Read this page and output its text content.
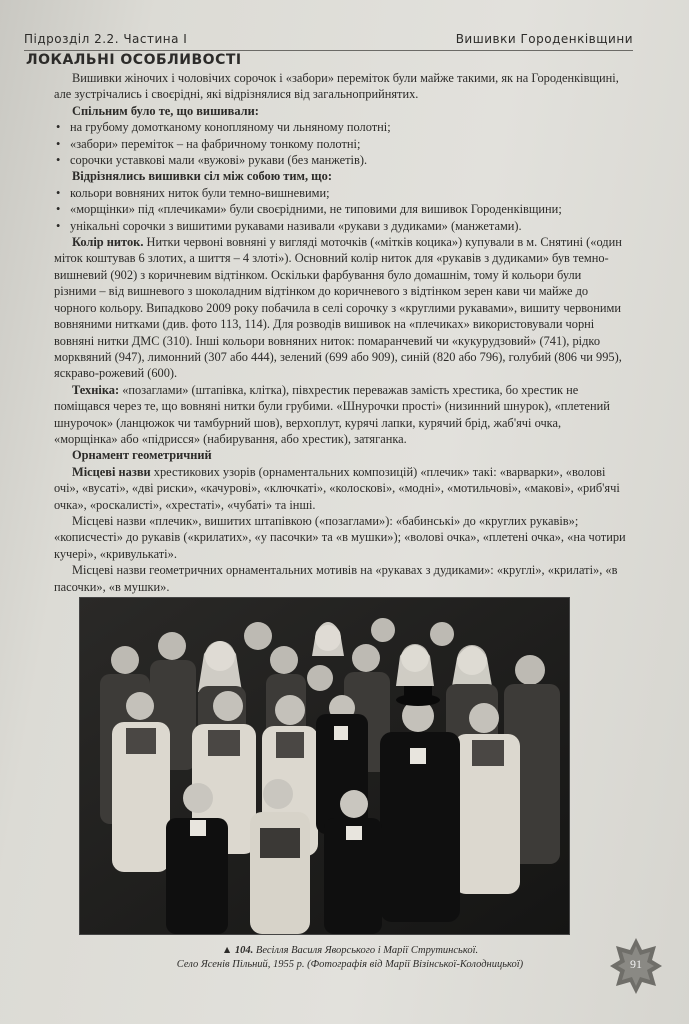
Підрозділ 2.2. Частина І	Вишивки Городенківщини
ЛОКАЛЬНІ ОСОБЛИВОСТІ

Вишивки жіночих і чоловічих сорочок і «забори» переміток були майже такими, як на Городенківщині, але зустрічались і своєрідні, які відрізнялися від загальноприйнятих.

Спільним було те, що вишивали:

• на грубому домотканому конопляному чи льняному полотні;
• «забори» переміток – на фабричному тонкому полотні;
• сорочки уставкові мали «вужові» рукави (без манжетів).

Відрізнялись вишивки сіл між собою тим, що:

• кольори вовняних ниток були темно-вишневими;
• «морщінки» під «плечиками» були своєрідними, не типовими для вишивок Городенківщини;
• унікальні сорочки з вишитими рукавами називали «рукави з дудиками» (манжетами).

Колір ниток. Нитки червоні вовняні у вигляді моточків («мітків коцика») купували в м. Снятині («один міток коштував 6 злотих, а шиття – 4 злоті»). Основний колір ниток для «рукавів з дудиками» був темно-вишневий (902) з коричневим відтінком. Оскільки фарбування було домашнім, тому й кольори були різними – від вишневого з шоколадним відтінком до коричневого з відтінком зерен кави чи майже до чорного кольору. Випадково 2009 року побачила в селі сорочку з «круглими рукавами», вишиту червоними вовняними нитками (див. фото 113, 114). Для розводів вишивок на «плечиках» використовували чорні вовняні нитки ДМС (310). Інші кольори вовняних ниток: помаранчевий чи «кукурудзовий» (741), рідко морквяний (947), лимонний (307 або 444), зелений (699 або 909), синій (820 або 796), голубий (806 чи 995), яскраво-рожевий (600).

Техніка: «позаглами» (штапівка, клітка), півхрестик переважав замість хрестика, бо хрестик не поміщався через те, що вовняні нитки були грубими. «Шнурочки прості» (низинний шнурок), «плетений шнурочок» (ланцюжок чи тамбурний шов), верхоплут, курячі лапки, курячий брід, жаб'ячі очка, «морщінка» або «підрисся» (набирування, або хрестик), затяганка.

Орнамент геометричний

Місцеві назви хрестикових узорів (орнаментальних композицій) «плечик» такі: «варварки», «волові очі», «вусаті», «дві риски», «качурові», «ключкаті», «колоскові», «модні», «мотильчові», «макові», «риб'ячі очка», «роскалисті», «хрестаті», «чубаті» та інші.

Місцеві назви «плечик», вишитих штапівкою («позаглами»): «бабинські» до «круглих рукавів»; «кописчесті» до рукавів («крилатих», «у пасочки» та «в мушки»); «волові очка», «плетені очка», «на чотири кучері», «кривулькаті».

Місцеві назви геометричних орнаментальних мотивів на «рукавах з дудиками»: «круглі», «крилаті», «в пасочки», «в мушки».

▲ 104. Весілля Василя Яворського і Марії Струтинської.
Село Ясенів Пільний, 1955 р. (Фотографія від Марії Візінської-Колодницької)	91
